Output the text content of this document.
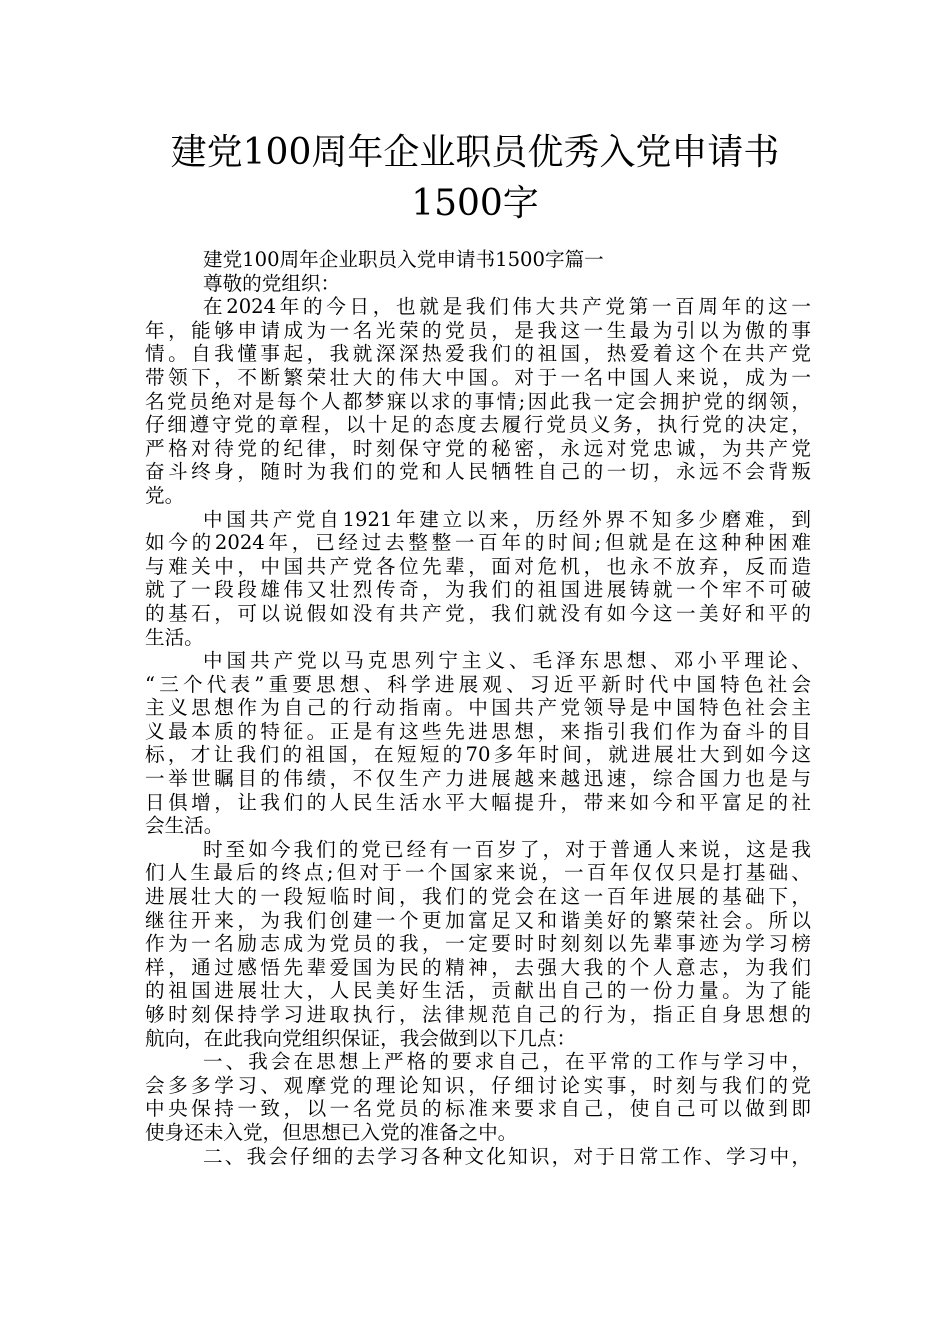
建党100周年企业职员优秀入党申请书
1500字
建党100周年企业职员入党申请书1500字篇一
尊敬的党组织：
在2024年的今日，也就是我们伟大共产党第一百周年的这一
年，能够申请成为一名光荣的党员，是我这一生最为引以为傲的事
情。自我懂事起，我就深深热爱我们的祖国，热爱着这个在共产党
带领下，不断繁荣壮大的伟大中国。对于一名中国人来说，成为一
名党员绝对是每个人都梦寐以求的事情;因此我一定会拥护党的纲领，
仔细遵守党的章程，以十足的态度去履行党员义务，执行党的决定，
严格对待党的纪律，时刻保守党的秘密，永远对党忠诚，为共产党
奋斗终身，随时为我们的党和人民牺牲自己的一切，永远不会背叛
党。
中国共产党自1921年建立以来，历经外界不知多少磨难，到
如今的2024年，已经过去整整一百年的时间;但就是在这种种困难
与难关中，中国共产党各位先辈，面对危机，也永不放弃，反而造
就了一段段雄伟又壮烈传奇，为我们的祖国进展铸就一个牢不可破
的基石，可以说假如没有共产党，我们就没有如今这一美好和平的
生活。
中国共产党以马克思列宁主义、毛泽东思想、邓小平理论、
“三个代表”重要思想、科学进展观、习近平新时代中国特色社会
主义思想作为自己的行动指南。中国共产党领导是中国特色社会主
义最本质的特征。正是有这些先进思想，来指引我们作为奋斗的目
标，才让我们的祖国，在短短的70多年时间，就进展壮大到如今这
一举世瞩目的伟绩，不仅生产力进展越来越迅速，综合国力也是与
日俱增，让我们的人民生活水平大幅提升，带来如今和平富足的社
会生活。
时至如今我们的党已经有一百岁了，对于普通人来说，这是我
们人生最后的终点;但对于一个国家来说，一百年仅仅只是打基础、
进展壮大的一段短临时间，我们的党会在这一百年进展的基础下，
继往开来，为我们创建一个更加富足又和谐美好的繁荣社会。所以
作为一名励志成为党员的我，一定要时时刻刻以先辈事迹为学习榜
样，通过感悟先辈爱国为民的精神，去强大我的个人意志，为我们
的祖国进展壮大，人民美好生活，贡献出自己的一份力量。为了能
够时刻保持学习进取执行，法律规范自己的行为，指正自身思想的
航向，在此我向党组织保证，我会做到以下几点：
一、我会在思想上严格的要求自己，在平常的工作与学习中，
会多多学习、观摩党的理论知识，仔细讨论实事，时刻与我们的党
中央保持一致，以一名党员的标准来要求自己，使自己可以做到即
使身还未入党，但思想已入党的准备之中。
二、我会仔细的去学习各种文化知识，对于日常工作、学习中，
